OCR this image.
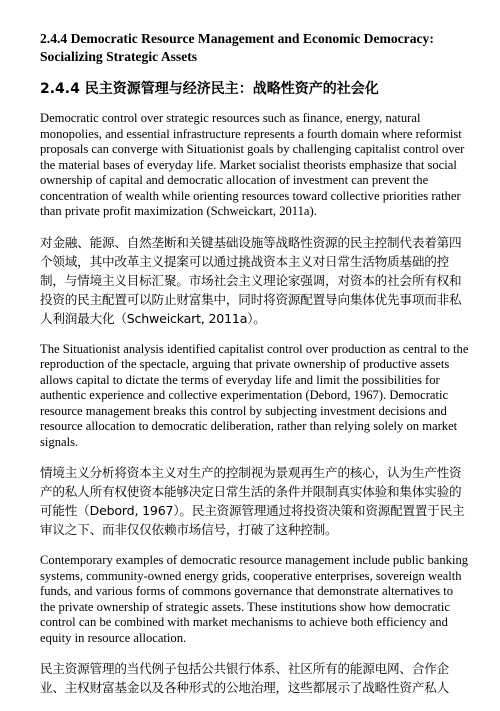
2.4.4 Democratic Resource Management and Economic Democracy: Socializing Strategic Assets
2.4.4 民主资源管理与经济民主：战略性资产的社会化

Democratic control over strategic resources such as finance, energy, natural monopolies, and essential infrastructure represents a fourth domain where reformist proposals can converge with Situationist goals by challenging capitalist control over the material bases of everyday life. Market socialist theorists emphasize that social ownership of capital and democratic allocation of investment can prevent the concentration of wealth while orienting resources toward collective priorities rather than private profit maximization (Schweickart, 2011a).

对金融、能源、自然垄断和关键基础设施等战略性资源的民主控制代表着第四个领域，其中改革主义提案可以通过挑战资本主义对日常生活物质基础的控制，与情境主义目标汇聚。市场社会主义理论家强调，对资本的社会所有权和投资的民主配置可以防止财富集中，同时将资源配置导向集体优先事项而非私人利润最大化（Schweickart, 2011a）。

The Situationist analysis identified capitalist control over production as central to the reproduction of the spectacle, arguing that private ownership of productive assets allows capital to dictate the terms of everyday life and limit the possibilities for authentic experience and collective experimentation (Debord, 1967). Democratic resource management breaks this control by subjecting investment decisions and resource allocation to democratic deliberation, rather than relying solely on market signals.

情境主义分析将资本主义对生产的控制视为景观再生产的核心，认为生产性资产的私人所有权使资本能够决定日常生活的条件并限制真实体验和集体实验的可能性（Debord, 1967）。民主资源管理通过将投资决策和资源配置置于民主审议之下、而非仅仅依赖市场信号，打破了这种控制。

Contemporary examples of democratic resource management include public banking systems, community-owned energy grids, cooperative enterprises, sovereign wealth funds, and various forms of commons governance that demonstrate alternatives to the private ownership of strategic assets. These institutions show how democratic control can be combined with market mechanisms to achieve both efficiency and equity in resource allocation.

民主资源管理的当代例子包括公共银行体系、社区所有的能源电网、合作企业、主权财富基金以及各种形式的公地治理，这些都展示了战略性资产私人
